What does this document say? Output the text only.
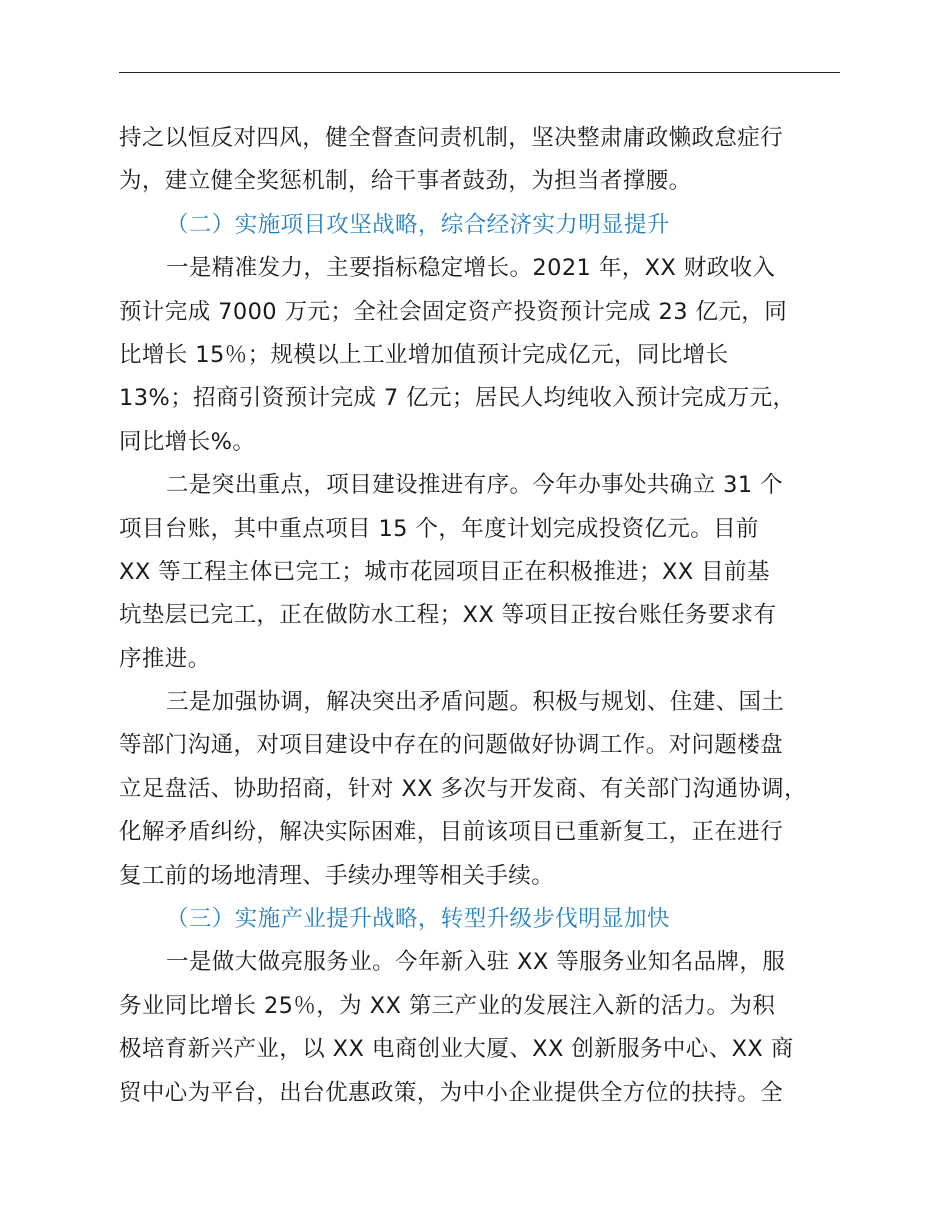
持之以恒反对四风，健全督查问责机制，坚决整肃庸政懒政怠症行
为，建立健全奖惩机制，给干事者鼓劲，为担当者撑腰。
（二）实施项目攻坚战略，综合经济实力明显提升
一是精准发力，主要指标稳定增长。2021 年，XX 财政收入
预计完成 7000 万元；全社会固定资产投资预计完成 23 亿元，同
比增长 15％；规模以上工业增加值预计完成亿元，同比增长
13%；招商引资预计完成 7 亿元；居民人均纯收入预计完成万元，
同比增长%。
二是突出重点，项目建设推进有序。今年办事处共确立 31 个
项目台账，其中重点项目 15 个，年度计划完成投资亿元。目前
XX 等工程主体已完工；城市花园项目正在积极推进；XX 目前基
坑垫层已完工，正在做防水工程；XX 等项目正按台账任务要求有
序推进。
三是加强协调，解决突出矛盾问题。积极与规划、住建、国土
等部门沟通，对项目建设中存在的问题做好协调工作。对问题楼盘
立足盘活、协助招商，针对 XX 多次与开发商、有关部门沟通协调，
化解矛盾纠纷，解决实际困难，目前该项目已重新复工，正在进行
复工前的场地清理、手续办理等相关手续。
（三）实施产业提升战略，转型升级步伐明显加快
一是做大做亮服务业。今年新入驻 XX 等服务业知名品牌，服
务业同比增长 25％，为 XX 第三产业的发展注入新的活力。为积
极培育新兴产业，以 XX 电商创业大厦、XX 创新服务中心、XX 商
贸中心为平台，出台优惠政策，为中小企业提供全方位的扶持。全
